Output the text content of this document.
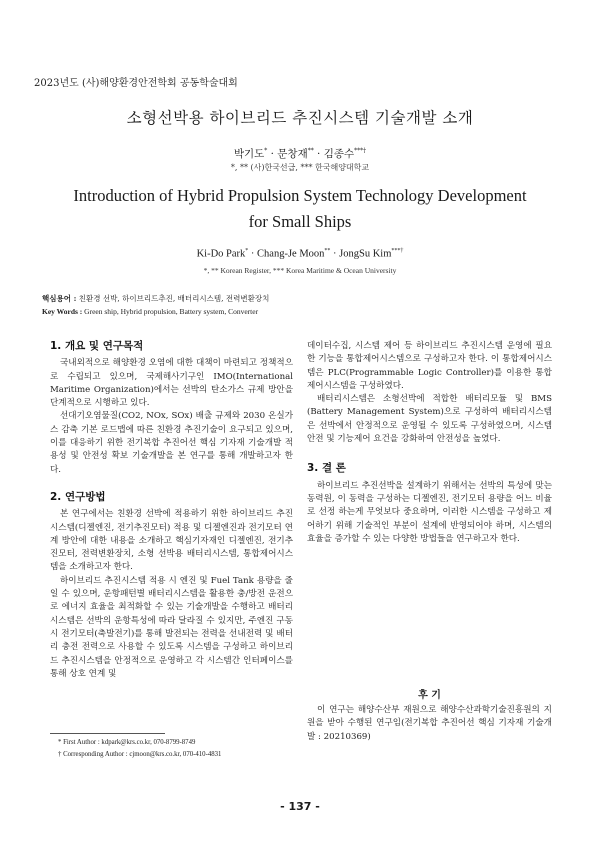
2023년도 (사)해양환경안전학회 공동학술대회
소형선박용 하이브리드 추진시스템 기술개발 소개
박기도* · 문창재** · 김종수***†
*, ** (사)한국선급, *** 한국해양대학교
Introduction of Hybrid Propulsion System Technology Development for Small Ships
Ki-Do Park* · Chang-Je Moon** · JongSu Kim***†
*, ** Korean Register, *** Korea Maritime & Ocean University
핵심용어 : 친환경 선박, 하이브리드추진, 배터리시스템, 전력변환장치
Key Words : Green ship, Hybrid propulsion, Battery system, Converter
1. 개요 및 연구목적

국내외적으로 해양환경 오염에 대한 대책이 마련되고 정책적으로 수립되고 있으며, 국제해사기구인 IMO(International Maritime Organization)에서는 선박의 탄소가스 규제 방안을 단계적으로 시행하고 있다.

선대기오염물질(CO2, NOx, SOx) 배출 규제와 2030 온실가스 감축 기본 로드맵에 따른 친환경 추진기술이 요구되고 있으며, 이를 대응하기 위한 전기복합 추진어선 핵심 기자재 기술개발 적용성 및 안전성 확보 기술개발을 본 연구를 통해 개발하고자 한다.

2. 연구방법

본 연구에서는 친환경 선박에 적용하기 위한 하이브리드 추진시스템(디젤엔진, 전기추진모터) 적용 및 디젤엔진과 전기모터 연계 방안에 대한 내용을 소개하고 핵심기자재인 디젤엔진, 전기추진모터, 전력변환장치, 소형 선박용 배터리시스템, 통합제어시스템을 소개하고자 한다.

하이브리드 추진시스템 적용 시 엔진 및 Fuel Tank 용량을 줄일 수 있으며, 운항패턴별 배터리시스템을 활용한 충/방전 운전으로 에너지 효율을 최적화할 수 있는 기술개발을 수행하고 배터리시스템은 선박의 운항특성에 따라 달라질 수 있지만, 주엔진 구동시 전기모터(축발전기)를 통해 발전되는 전력을 선내전력 및 배터리 충전 전력으로 사용할 수 있도록 시스템을 구성하고 하이브리드 추진시스템을 안정적으로 운영하고 각 시스템간 인터페이스를 통해 상호 연계 및

데이터수집, 시스템 제어 등 하이브리드 추진시스템 운영에 필요한 기능을 통합제어시스템으로 구성하고자 한다. 이 통합제어시스템은 PLC(Programmable Logic Controller)를 이용한 통합제어시스템을 구성하였다.

배터리시스템은 소형선박에 적합한 배터리모듈 및 BMS (Battery Management System)으로 구성하여 배터리시스템은 선박에서 안정적으로 운영될 수 있도록 구성하였으며, 시스템 안전 및 기능제어 요건을 강화하여 안전성을 높였다.

3. 결 론

하이브리드 추진선박을 설계하기 위해서는 선박의 특성에 맞는 동력원, 이 동력을 구성하는 디젤엔진, 전기모터 용량을 어느 비율로 선정 하는게 무엇보다 중요하며, 이러한 시스템을 구성하고 제어하기 위해 기술적인 부분이 설계에 반영되어야 하며, 시스템의 효율을 증가할 수 있는 다양한 방법들을 연구하고자 한다.

후 기

이 연구는 해양수산부 재원으로 해양수산과학기술진흥원의 지원을 받아 수행된 연구임(전기복합 추진어선 핵심 기자재 기술개발 : 20210369)

* First Author : kdpark@krs.co.kr, 070-8799-8749
† Corresponding Author : cjmoon@krs.co.kr, 070-410-4831
- 137 -
